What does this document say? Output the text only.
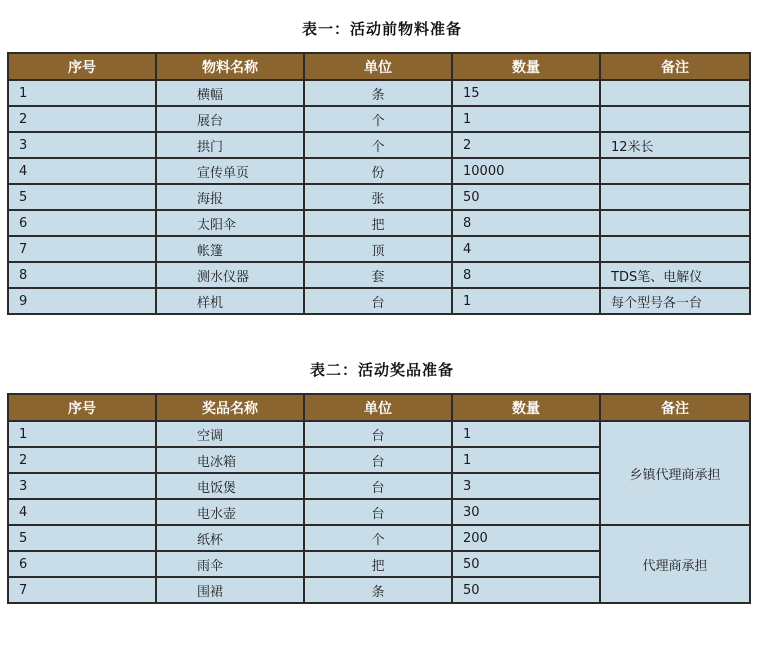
表一：活动前物料准备
序号	物料名称	单位	数量	备注
1	横幅	条	15	
2	展台	个	1	
3	拱门	个	2	12米长
4	宣传单页	份	10000	
5	海报	张	50	
6	太阳伞	把	8	
7	帐篷	顶	4	
8	测水仪器	套	8	TDS笔、电解仪
9	样机	台	1	每个型号各一台
表二：活动奖品准备
序号	奖品名称	单位	数量	备注
1	空调	台	1	乡镇代理商承担
2	电冰箱	台	1	
3	电饭煲	台	3	
4	电水壶	台	30	
5	纸杯	个	200	代理商承担
6	雨伞	把	50	
7	围裙	条	50	
